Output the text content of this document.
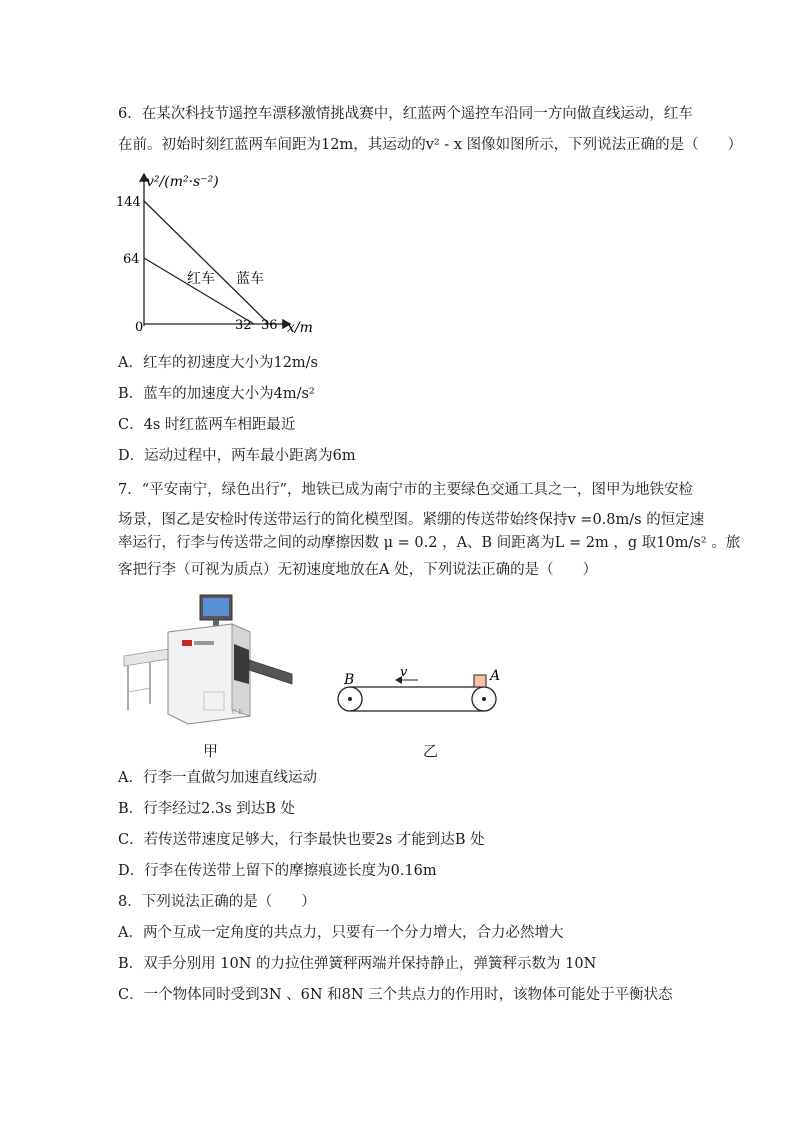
6．在某次科技节遥控车漂移激情挑战赛中，红蓝两个遥控车沿同一方向做直线运动，红车
在前。初始时刻红蓝两车间距为12m，其运动的v² - x 图像如图所示，下列说法正确的是（　　）
v²/(m²·s⁻²)
144
64
0	32 36 x/m
红车 蓝车
A．红车的初速度大小为12m/s
B．蓝车的加速度大小为4m/s²
C．4s 时红蓝两车相距最近
D．运动过程中，两车最小距离为6m
7．“平安南宁，绿色出行”，地铁已成为南宁市的主要绿色交通工具之一，图甲为地铁安检
场景，图乙是安检时传送带运行的简化模型图。紧绷的传送带始终保持v =0.8m/s 的恒定速
率运行，行李与传送带之间的动摩擦因数 μ = 0.2 ，A、B 间距离为L = 2m ，g 取10m/s² 。旅
客把行李（可视为质点）无初速度地放在A 处，下列说法正确的是（　　）
C E
v
B	A
甲	乙
A．行李一直做匀加速直线运动
B．行李经过2.3s 到达B 处
C．若传送带速度足够大，行李最快也要2s 才能到达B 处
D．行李在传送带上留下的摩擦痕迹长度为0.16m
8．下列说法正确的是（　　）
A．两个互成一定角度的共点力，只要有一个分力增大，合力必然增大
B．双手分别用 10N 的力拉住弹簧秤两端并保持静止，弹簧秤示数为 10N
C．一个物体同时受到3N 、6N 和8N 三个共点力的作用时，该物体可能处于平衡状态
